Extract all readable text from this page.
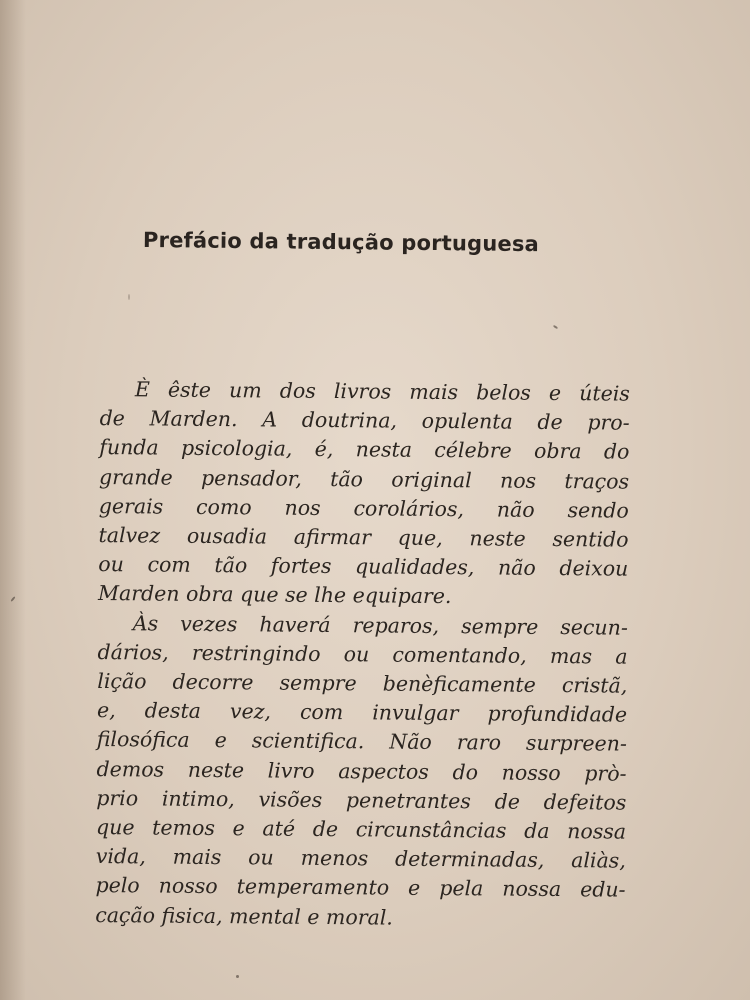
Prefácio da tradução portuguesa
È êste um dos livros mais belos e úteis
de Marden. A doutrina, opulenta de pro-
funda psicologia, é, nesta célebre obra do
grande pensador, tão original nos traços
gerais como nos corolários, não sendo
talvez ousadia afirmar que, neste sentido
ou com tão fortes qualidades, não deixou
Marden obra que se lhe equipare.
Às vezes haverá reparos, sempre secun-
dários, restringindo ou comentando, mas a
lição decorre sempre benèficamente cristã,
e, desta vez, com invulgar profundidade
filosófica e scientifica. Não raro surpreen-
demos neste livro aspectos do nosso prò-
prio intimo, visões penetrantes de defeitos
que temos e até de circunstâncias da nossa
vida, mais ou menos determinadas, aliàs,
pelo nosso temperamento e pela nossa edu-
cação fisica, mental e moral.
